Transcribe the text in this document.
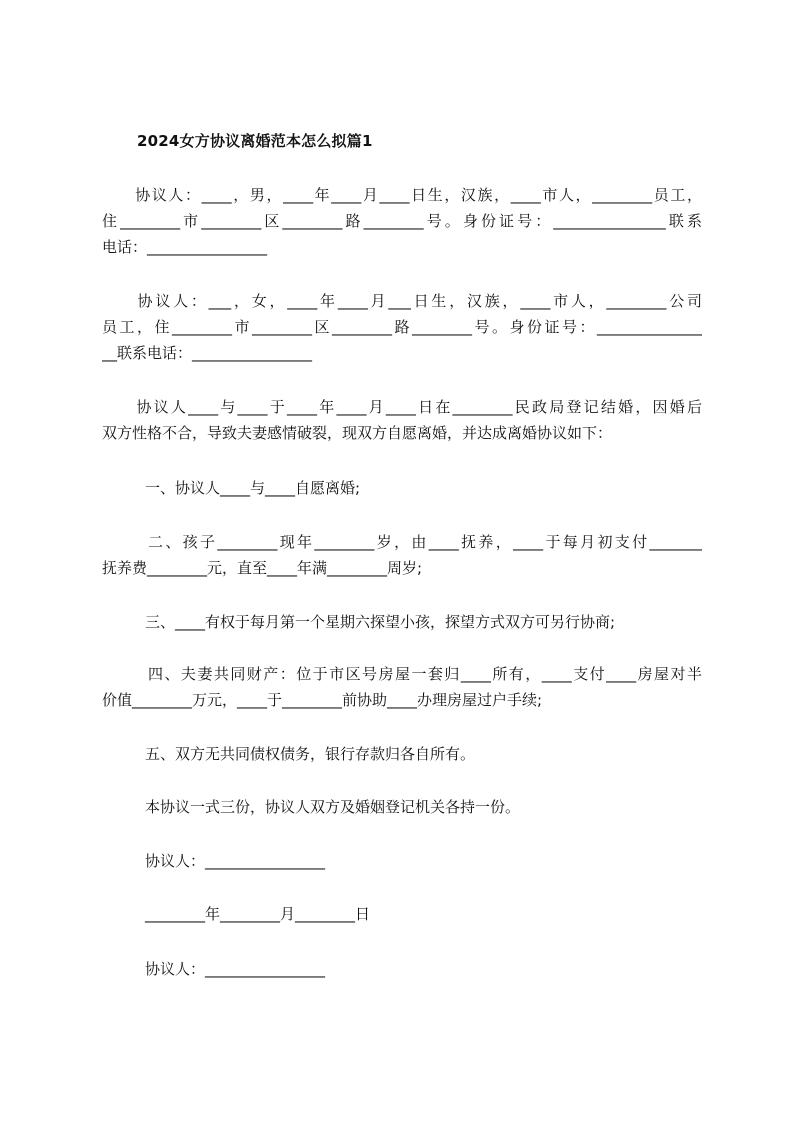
2024女方协议离婚范本怎么拟篇1
　　协议人：____，男，____年____月____日生，汉族，____市人，________员工，
住________市________区________路________号。身份证号：_______________联系
电话：________________
　　协议人：___，女，____年____月___日生，汉族，____市人，________公司
员工，住________市________区________路________号。身份证号：______________
__联系电话：________________
　　协议人____与____于____年____月____日在________民政局登记结婚，因婚后
双方性格不合，导致夫妻感情破裂，现双方自愿离婚，并达成离婚协议如下：
一、协议人____与____自愿离婚;
二、孩子________现年________岁，由____抚养，____于每月初支付_______
抚养费________元，直至____年满________周岁;
三、____有权于每月第一个星期六探望小孩，探望方式双方可另行协商;
四、夫妻共同财产：位于市区号房屋一套归____所有，____支付____房屋对半
价值________万元，____于________前协助____办理房屋过户手续;
五、双方无共同债权债务，银行存款归各自所有。
本协议一式三份，协议人双方及婚姻登记机关各持一份。
协议人：________________
________年________月________日
协议人：________________
